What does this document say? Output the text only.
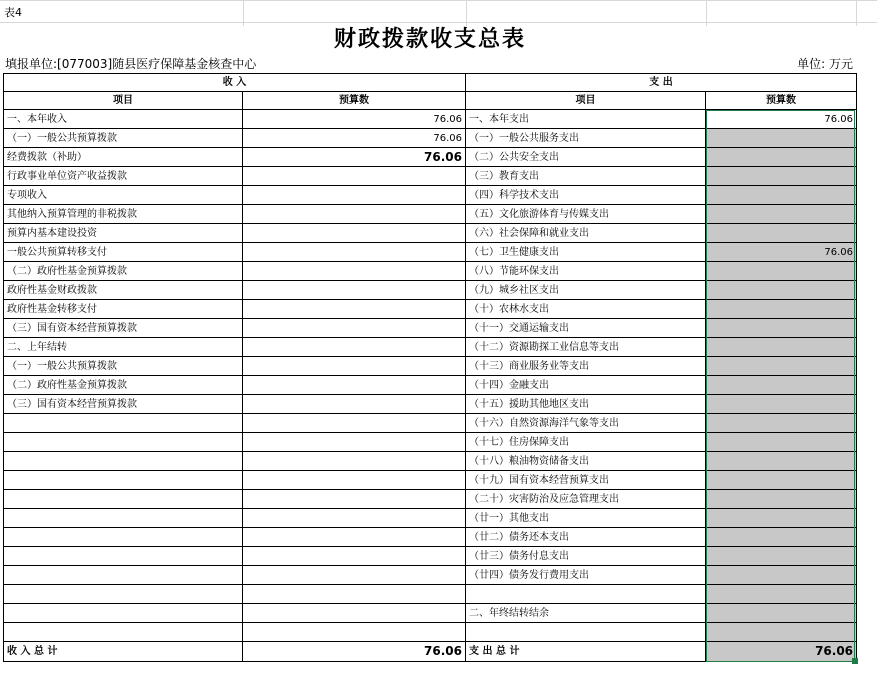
表4
财政拨款收支总表
填报单位:[077003]随县医疗保障基金核查中心	单位: 万元
收 入		支 出	
项目	预算数	项目	预算数
一、本年收入	76.06	一、本年支出	76.06
（一）一般公共预算拨款	76.06	（一）一般公共服务支出	
经费拨款（补助）	76.06	（二）公共安全支出	
行政事业单位资产收益拨款		（三）教育支出	
专项收入		（四）科学技术支出	
其他纳入预算管理的非税拨款		（五）文化旅游体育与传媒支出	
预算内基本建设投资		（六）社会保障和就业支出	
一般公共预算转移支付		（七）卫生健康支出	76.06
（二）政府性基金预算拨款		（八）节能环保支出	
政府性基金财政拨款		（九）城乡社区支出	
政府性基金转移支付		（十）农林水支出	
（三）国有资本经营预算拨款		（十一）交通运输支出	
二、上年结转		（十二）资源勘探工业信息等支出	
（一）一般公共预算拨款		（十三）商业服务业等支出	
（二）政府性基金预算拨款		（十四）金融支出	
（三）国有资本经营预算拨款		（十五）援助其他地区支出	
		（十六）自然资源海洋气象等支出	
		（十七）住房保障支出	
		（十八）粮油物资储备支出	
		（十九）国有资本经营预算支出	
		（二十）灾害防治及应急管理支出	
		（廿一）其他支出	
		（廿二）债务还本支出	
		（廿三）债务付息支出	
		（廿四）债务发行费用支出	

		二、年终结转结余	

收 入 总 计	76.06	支 出 总 计	76.06
